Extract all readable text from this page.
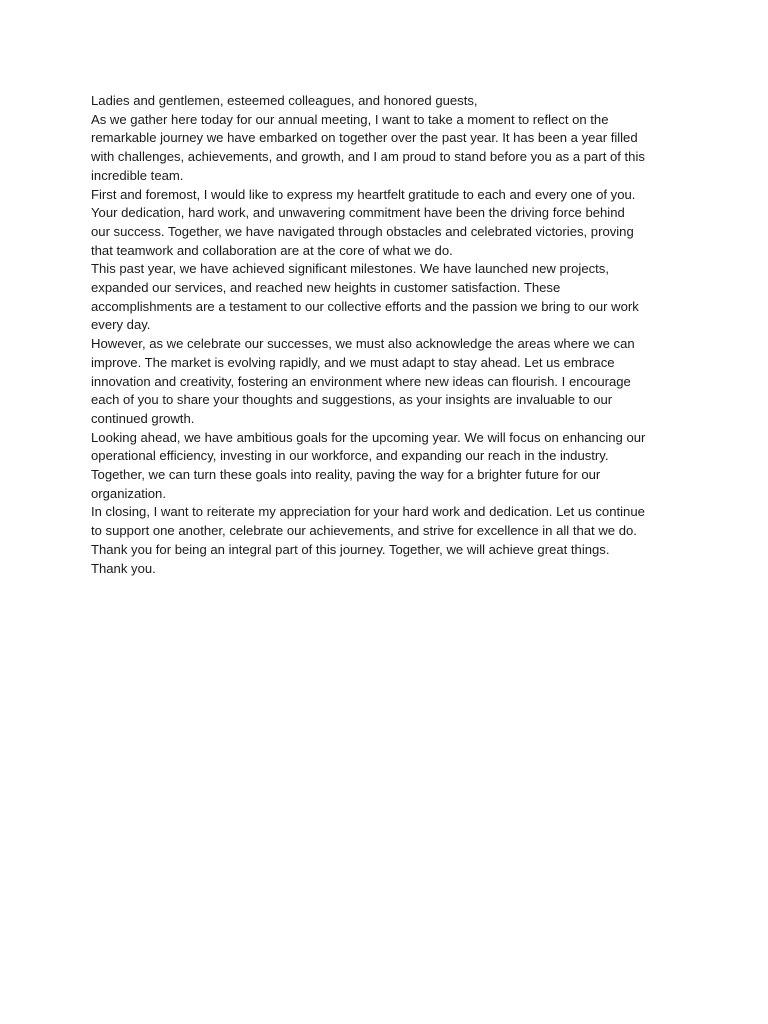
Ladies and gentlemen, esteemed colleagues, and honored guests,
As we gather here today for our annual meeting, I want to take a moment to reflect on the
remarkable journey we have embarked on together over the past year. It has been a year filled
with challenges, achievements, and growth, and I am proud to stand before you as a part of this
incredible team.
First and foremost, I would like to express my heartfelt gratitude to each and every one of you.
Your dedication, hard work, and unwavering commitment have been the driving force behind
our success. Together, we have navigated through obstacles and celebrated victories, proving
that teamwork and collaboration are at the core of what we do.
This past year, we have achieved significant milestones. We have launched new projects,
expanded our services, and reached new heights in customer satisfaction. These
accomplishments are a testament to our collective efforts and the passion we bring to our work
every day.
However, as we celebrate our successes, we must also acknowledge the areas where we can
improve. The market is evolving rapidly, and we must adapt to stay ahead. Let us embrace
innovation and creativity, fostering an environment where new ideas can flourish. I encourage
each of you to share your thoughts and suggestions, as your insights are invaluable to our
continued growth.
Looking ahead, we have ambitious goals for the upcoming year. We will focus on enhancing our
operational efficiency, investing in our workforce, and expanding our reach in the industry.
Together, we can turn these goals into reality, paving the way for a brighter future for our
organization.
In closing, I want to reiterate my appreciation for your hard work and dedication. Let us continue
to support one another, celebrate our achievements, and strive for excellence in all that we do.
Thank you for being an integral part of this journey. Together, we will achieve great things.
Thank you.
